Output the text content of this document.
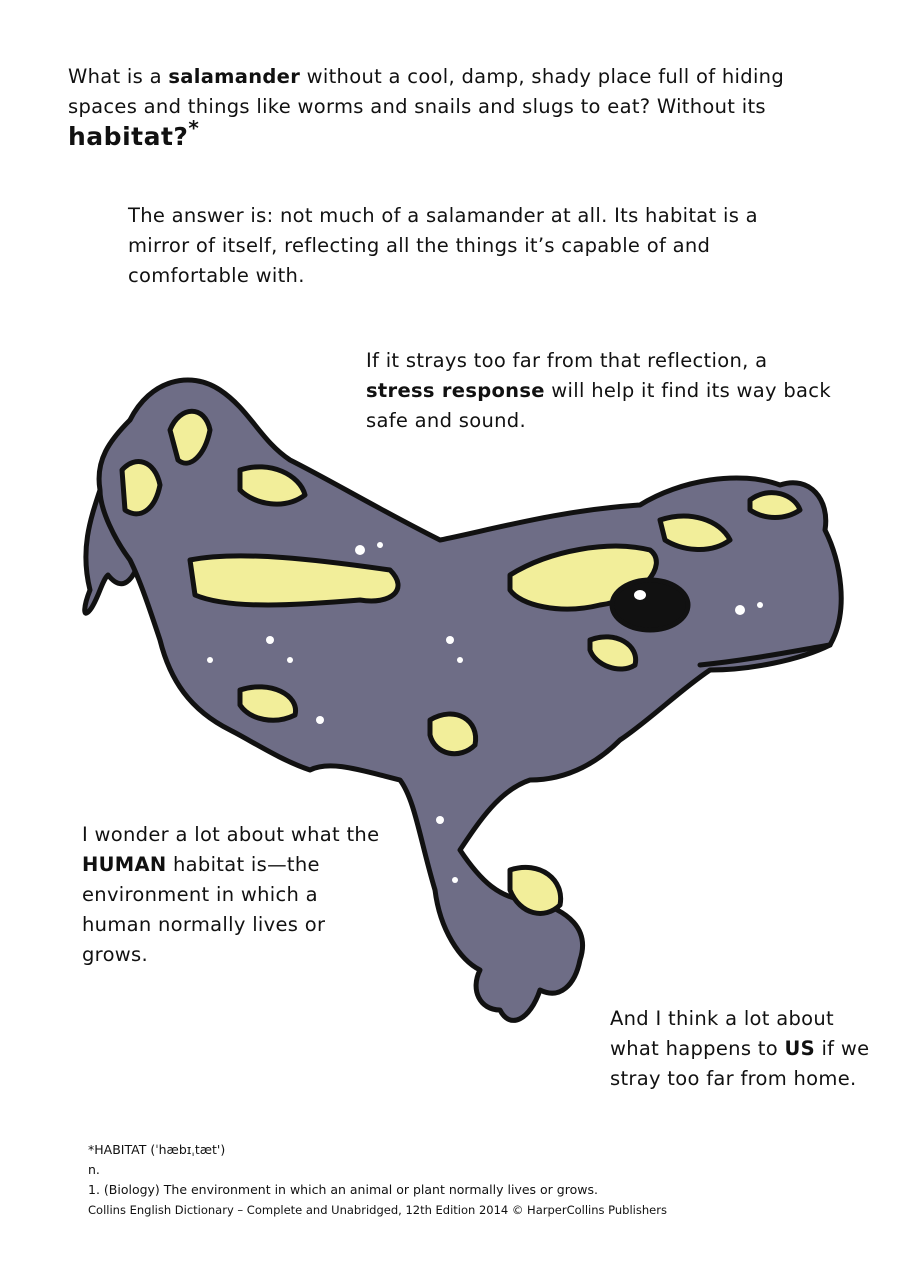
What is a salamander without a cool, damp, shady place full of hiding spaces and things like worms and snails and slugs to eat? Without its habitat?*
The answer is: not much of a salamander at all. Its habitat is a mirror of itself, reflecting all the things it’s capable of and comfortable with.
If it strays too far from that reflection, a stress response will help it find its way back safe and sound.
I wonder a lot about what the HUMAN habitat is—the environment in which a human normally lives or grows.
And I think a lot about what happens to US if we stray too far from home.
*HABITAT (ˈhæbɪˌtæt')
n.
1. (Biology) The environment in which an animal or plant normally lives or grows.
Collins English Dictionary – Complete and Unabridged, 12th Edition 2014 © HarperCollins Publishers
